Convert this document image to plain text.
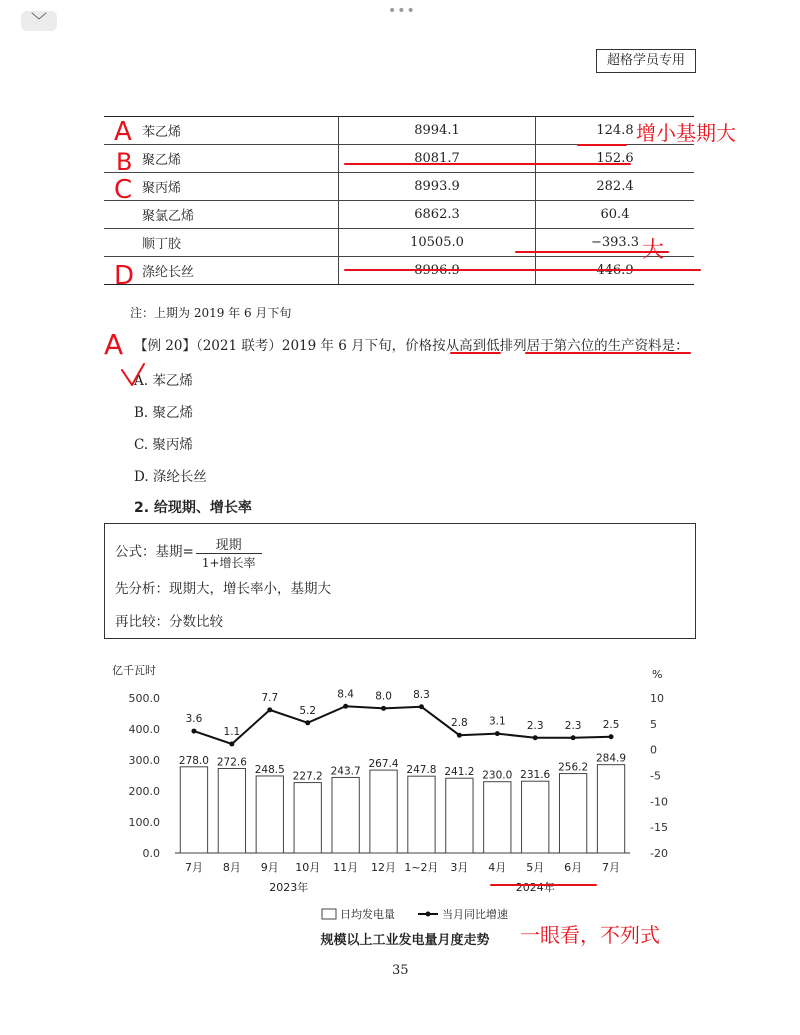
﹀	•••
超格学员专用
苯乙烯	8994.1	124.8
聚乙烯	8081.7	152.6
聚丙烯	8993.9	282.4
聚氯乙烯	6862.3	60.4
顺丁胶	10505.0	−393.3
涤纶长丝	8996.9	446.9
注：上期为 2019 年 6 月下旬
【例 20】（2021 联考）2019 年 6 月下旬，价格按从高到低排列居于第六位的生产资料是：
A. 苯乙烯
B. 聚乙烯
C. 聚丙烯
D. 涤纶长丝
2. 给现期、增长率
公式：基期= $\frac{\text{现期}}{\text{1+增长率}}$
先分析：现期大，增长率小，基期大
再比较：分数比较
亿千瓦时	%
0.0
100.0
200.0
300.0
400.0
500.0
-20
-15
-10
-5
0
5
10
278.0
7月
272.6
8月
248.5
9月
227.2
10月
243.7
11月
267.4
12月
247.8
1~2月
241.2
3月
230.0
4月
231.6
5月
256.2
6月
284.9
7月
3.6
1.1
7.7
5.2
8.4 8.0 8.3
2.8 3.1 2.3 2.3 2.5
2023年	2024年
日均发电量	当月同比增速
规模以上工业发电量月度走势
35
A
B
C
D
A
增小基期大
大
一眼看，不列式
